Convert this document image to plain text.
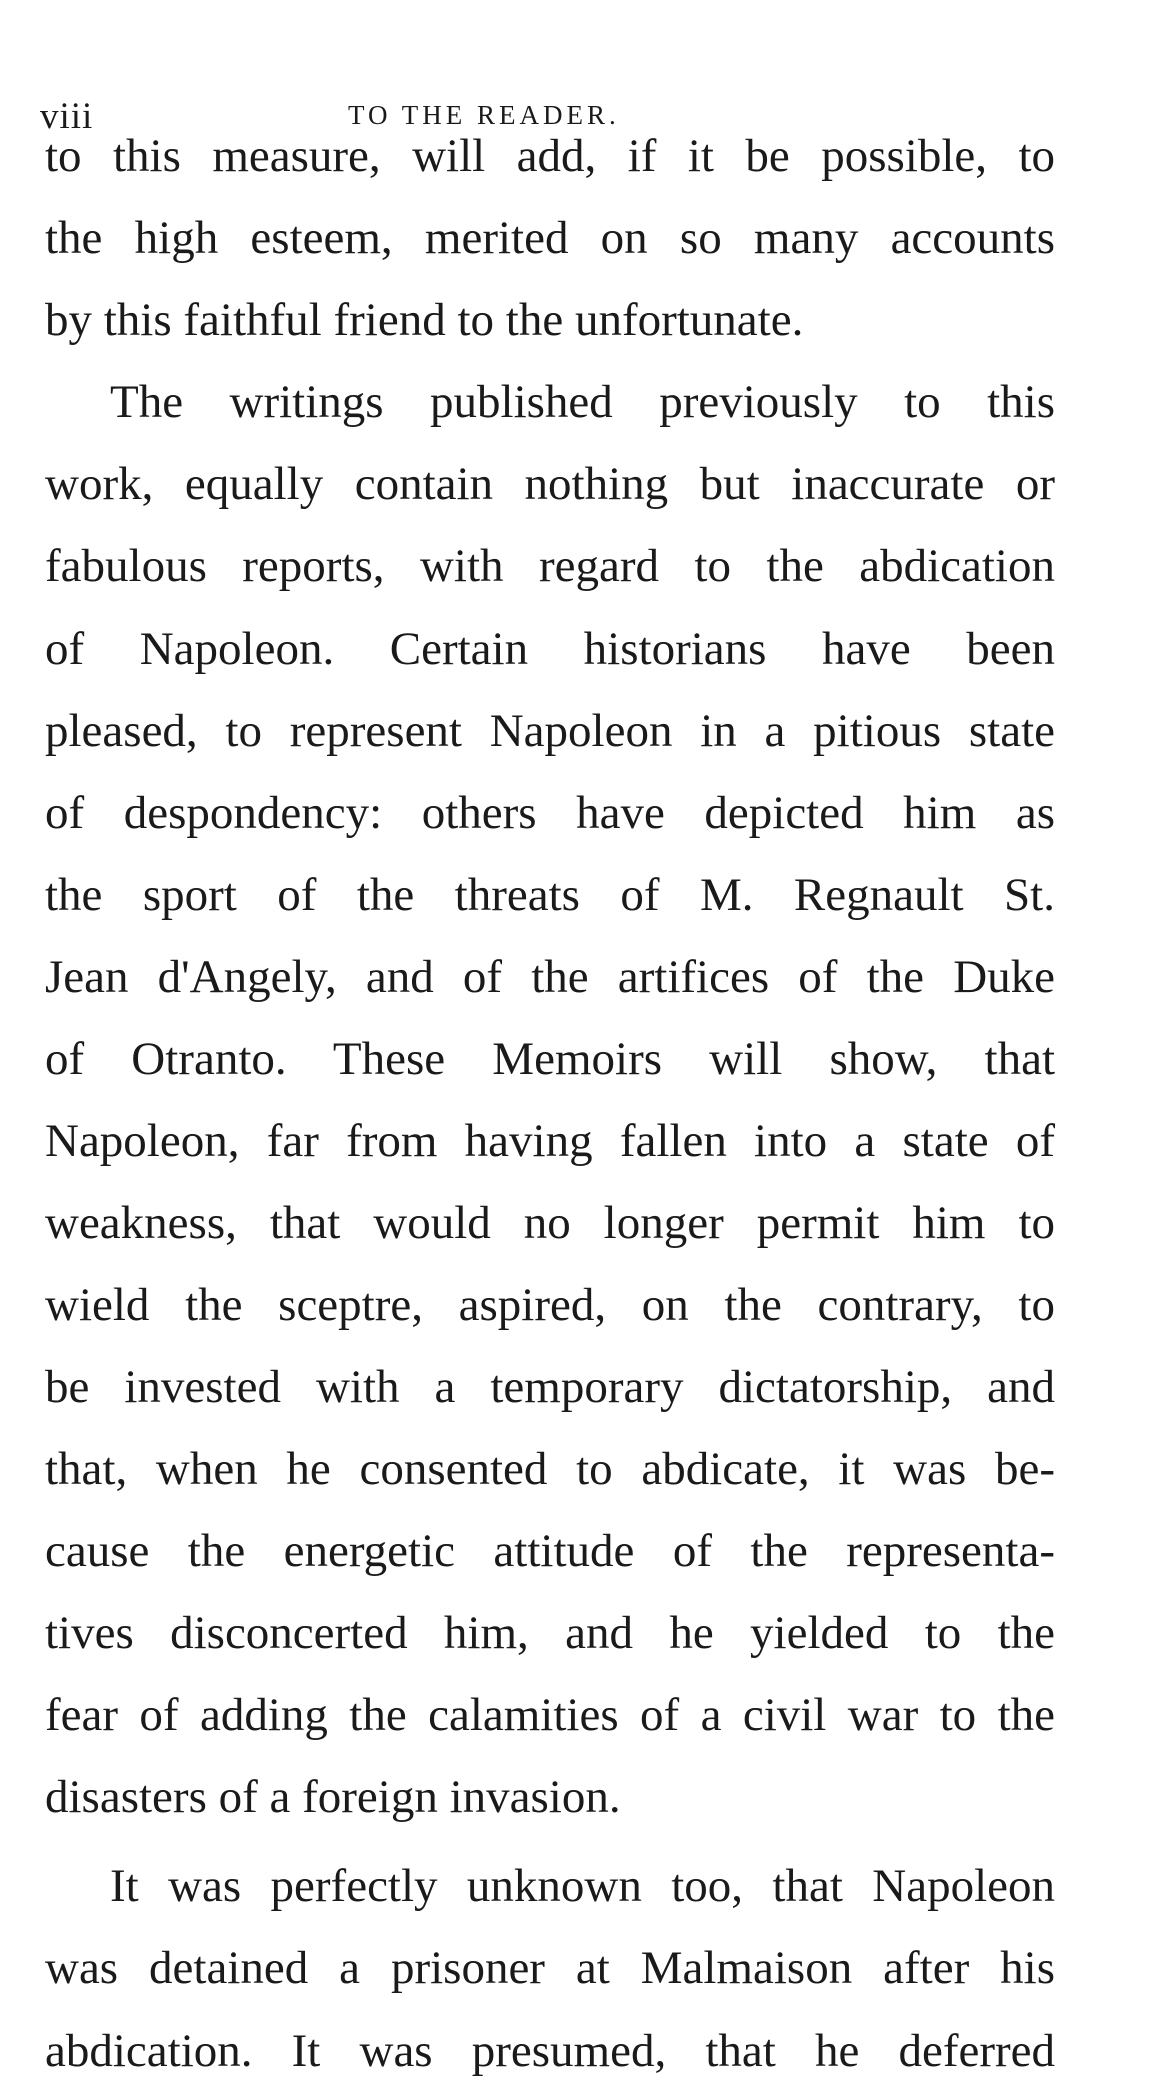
viii	TO THE READER.
to this measure, will add, if it be possible, to
the high esteem, merited on so many accounts
by this faithful friend to the unfortunate.
The writings published previously to this
work, equally contain nothing but inaccurate or
fabulous reports, with regard to the abdication
of Napoleon. Certain historians have been
pleased, to represent Napoleon in a pitious state
of despondency: others have depicted him as
the sport of the threats of M. Regnault St.
Jean d'Angely, and of the artifices of the Duke
of Otranto. These Memoirs will show, that
Napoleon, far from having fallen into a state of
weakness, that would no longer permit him to
wield the sceptre, aspired, on the contrary, to
be invested with a temporary dictatorship, and
that, when he consented to abdicate, it was be-
cause the energetic attitude of the representa-
tives disconcerted him, and he yielded to the
fear of adding the calamities of a civil war to the
disasters of a foreign invasion.
It was perfectly unknown too, that Napoleon
was detained a prisoner at Malmaison after his
abdication. It was presumed, that he deferred
